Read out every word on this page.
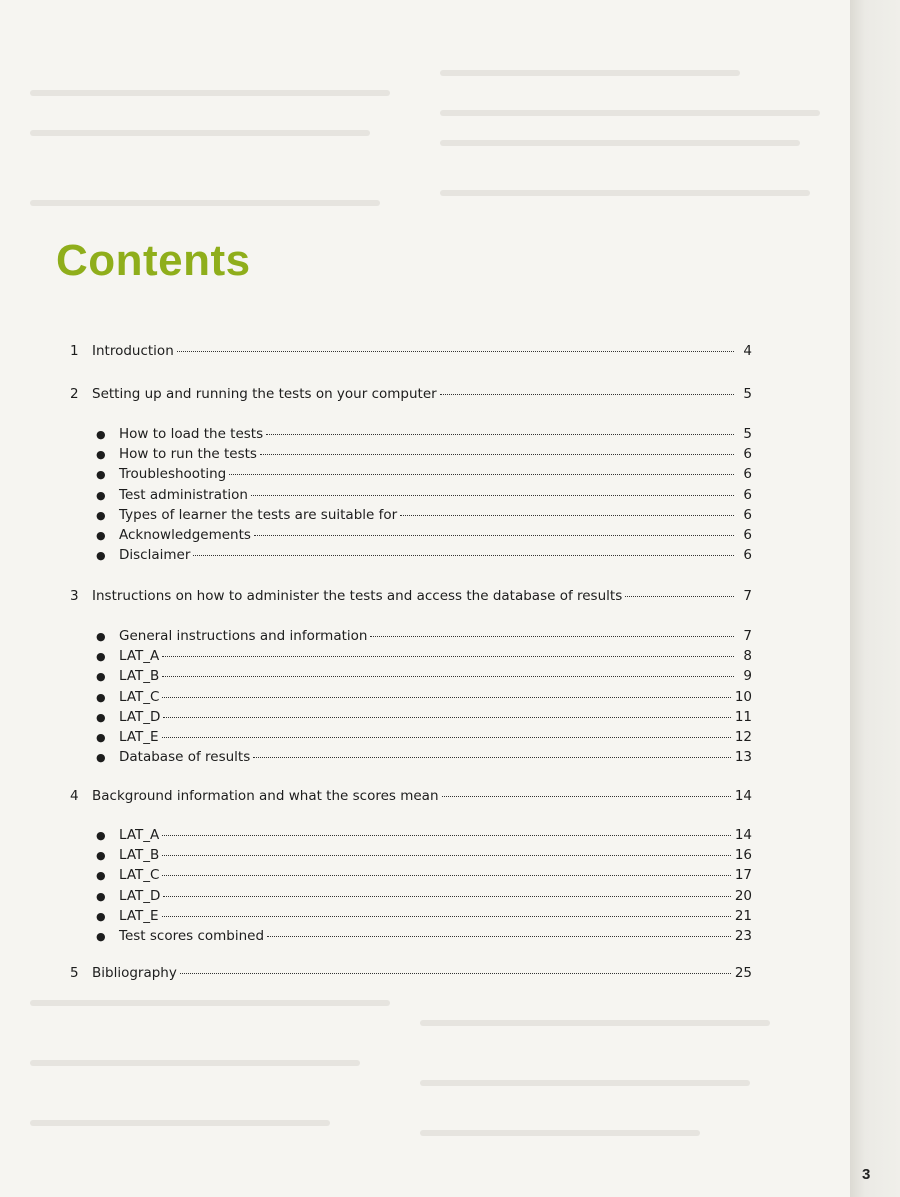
Contents
1 Introduction	4
2 Setting up and running the tests on your computer	5
● How to load the tests	5
● How to run the tests	6
● Troubleshooting	6
● Test administration	6
● Types of learner the tests are suitable for	6
● Acknowledgements	6
● Disclaimer	6
3 Instructions on how to administer the tests and access the database of results	7
● General instructions and information	7
● LAT_A	8
● LAT_B	9
● LAT_C	10
● LAT_D	11
● LAT_E	12
● Database of results	13
4 Background information and what the scores mean	14
● LAT_A	14
● LAT_B	16
● LAT_C	17
● LAT_D	20
● LAT_E	21
● Test scores combined	23
5 Bibliography	25
3
